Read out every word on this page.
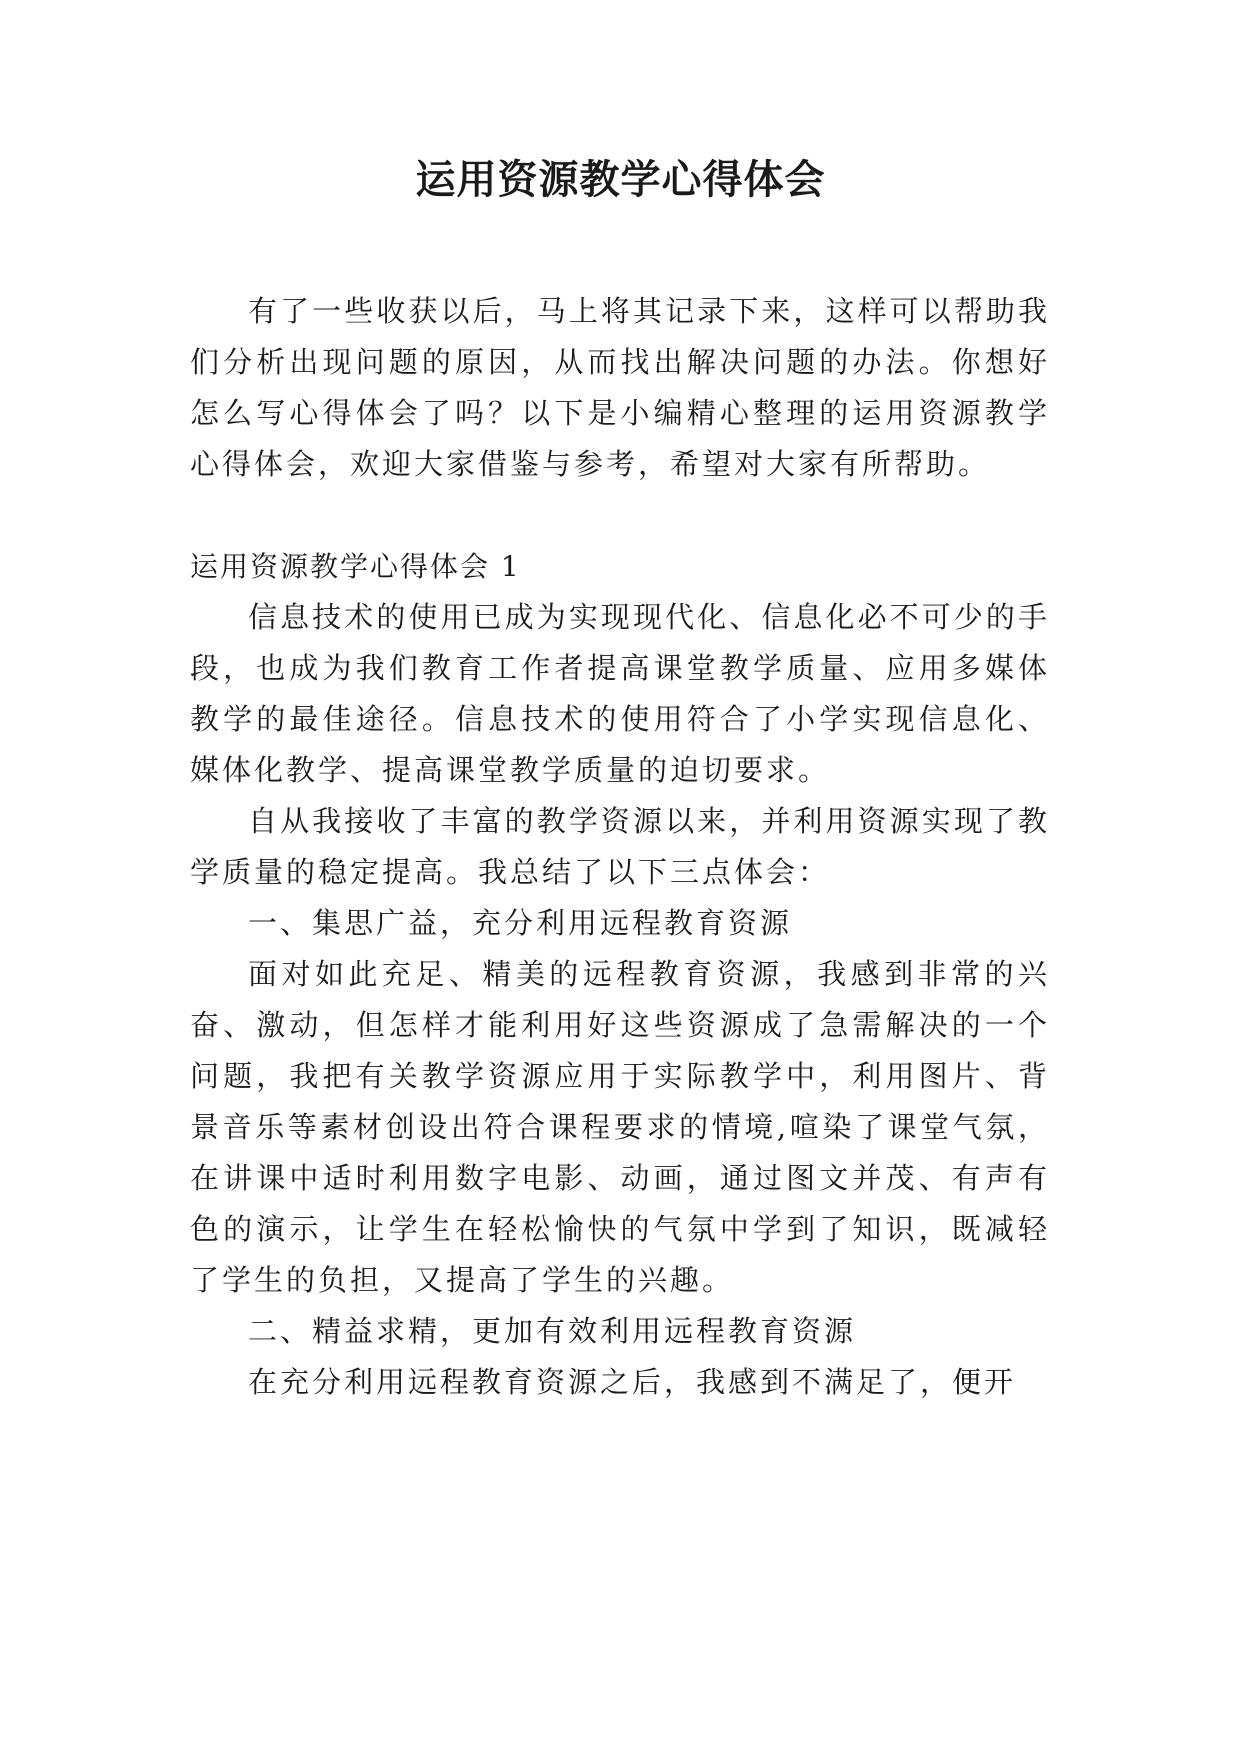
运用资源教学心得体会

有了一些收获以后，马上将其记录下来，这样可以帮助我们分析出现问题的原因，从而找出解决问题的办法。你想好怎么写心得体会了吗？以下是小编精心整理的运用资源教学心得体会，欢迎大家借鉴与参考，希望对大家有所帮助。

运用资源教学心得体会 1

信息技术的使用已成为实现现代化、信息化必不可少的手段，也成为我们教育工作者提高课堂教学质量、应用多媒体教学的最佳途径。信息技术的使用符合了小学实现信息化、媒体化教学、提高课堂教学质量的迫切要求。

自从我接收了丰富的教学资源以来，并利用资源实现了教学质量的稳定提高。我总结了以下三点体会：

一、集思广益，充分利用远程教育资源

面对如此充足、精美的远程教育资源，我感到非常的兴奋、激动，但怎样才能利用好这些资源成了急需解决的一个问题，我把有关教学资源应用于实际教学中，利用图片、背景音乐等素材创设出符合课程要求的情境,喧染了课堂气氛，在讲课中适时利用数字电影、动画，通过图文并茂、有声有色的演示，让学生在轻松愉快的气氛中学到了知识，既减轻了学生的负担，又提高了学生的兴趣。

二、精益求精，更加有效利用远程教育资源

在充分利用远程教育资源之后，我感到不满足了，便开
